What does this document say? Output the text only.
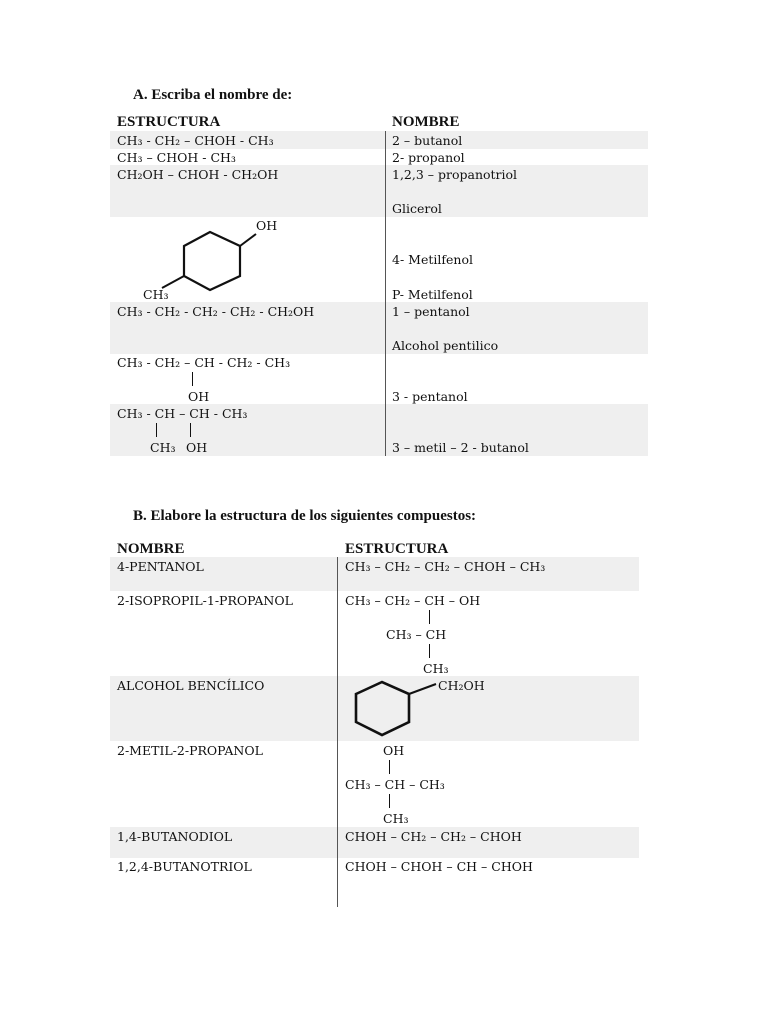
A. Escriba el nombre de:
ESTRUCTURA	NOMBRE
CH₃ - CH₂ – CHOH - CH₃	2 – butanol
CH₃ – CHOH - CH₃	2- propanol
CH₂OH – CHOH - CH₂OH	1,2,3 – propanotriol
Glicerol
OH
CH₃
4- Metilfenol
P- Metilfenol
CH₃ - CH₂ - CH₂ - CH₂ - CH₂OH	1 – pentanol
Alcohol pentilico
CH₃ - CH₂ – CH - CH₂ - CH₃
OH	3 - pentanol
CH₃ - CH – CH - CH₃
CH₃ OH	3 – metil – 2 - butanol
B. Elabore la estructura de los siguientes compuestos:
NOMBRE	ESTRUCTURA
4-PENTANOL	CH₃ – CH₂ – CH₂ – CHOH – CH₃
2-ISOPROPIL-1-PROPANOL	CH₃ – CH₂ – CH – OH
CH₃ – CH
CH₃
ALCOHOL BENCÍLICO	CH₂OH
2-METIL-2-PROPANOL	OH
CH₃ – CH – CH₃
CH₃
1,4-BUTANODIOL	CHOH – CH₂ – CH₂ – CHOH
1,2,4-BUTANOTRIOL	CHOH – CHOH – CH – CHOH
